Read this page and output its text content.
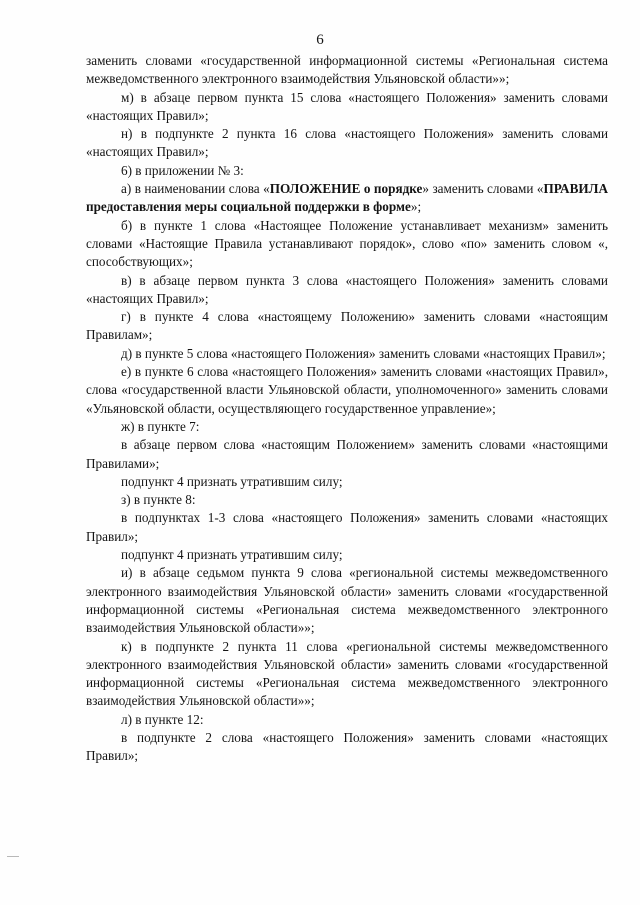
6

заменить словами «государственной информационной системы «Региональная система межведомственного электронного взаимодействия Ульяновской области»»;

м) в абзаце первом пункта 15 слова «настоящего Положения» заменить словами «настоящих Правил»;

н) в подпункте 2 пункта 16 слова «настоящего Положения» заменить словами «настоящих Правил»;

6) в приложении № 3:

а) в наименовании слова «ПОЛОЖЕНИЕ о порядке» заменить словами «ПРАВИЛА предоставления меры социальной поддержки в форме»;

б) в пункте 1 слова «Настоящее Положение устанавливает механизм» заменить словами «Настоящие Правила устанавливают порядок», слово «по» заменить словом «, способствующих»;

в) в абзаце первом пункта 3 слова «настоящего Положения» заменить словами «настоящих Правил»;

г) в пункте 4 слова «настоящему Положению» заменить словами «настоящим Правилам»;

д) в пункте 5 слова «настоящего Положения» заменить словами «настоящих Правил»;

е) в пункте 6 слова «настоящего Положения» заменить словами «настоящих Правил», слова «государственной власти Ульяновской области, уполномоченного» заменить словами «Ульяновской области, осуществляющего государственное управление»;

ж) в пункте 7:

в абзаце первом слова «настоящим Положением» заменить словами «настоящими Правилами»;

подпункт 4 признать утратившим силу;

з) в пункте 8:

в подпунктах 1-3 слова «настоящего Положения» заменить словами «настоящих Правил»;

подпункт 4 признать утратившим силу;

и) в абзаце седьмом пункта 9 слова «региональной системы межведомственного электронного взаимодействия Ульяновской области» заменить словами «государственной информационной системы «Региональная система межведомственного электронного взаимодействия Ульяновской области»»;

к) в подпункте 2 пункта 11 слова «региональной системы межведомственного электронного взаимодействия Ульяновской области» заменить словами «государственной информационной системы «Региональная система межведомственного электронного взаимодействия Ульяновской области»»;

л) в пункте 12:

в подпункте 2 слова «настоящего Положения» заменить словами «настоящих Правил»;
